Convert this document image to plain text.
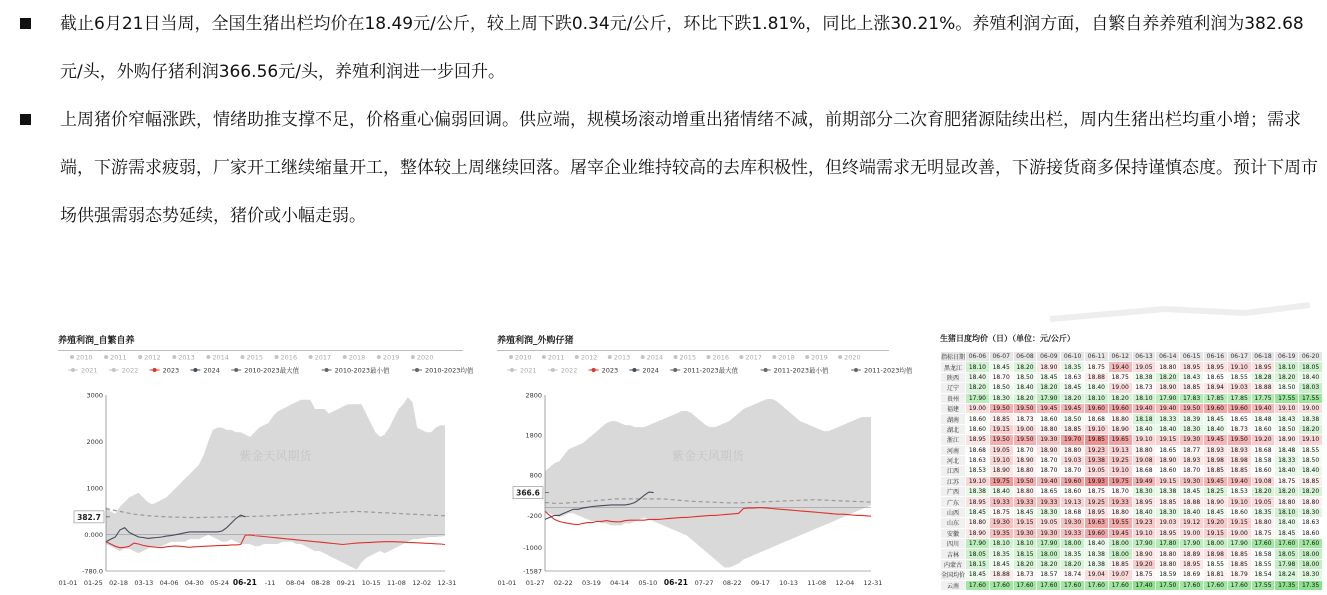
截止6月21日当周，全国生猪出栏均价在18.49元/公斤，较上周下跌0.34元/公斤，环比下跌1.81%，同比上涨30.21%。养殖利润方面，自繁自养养殖利润为382.68元/头，外购仔猪利润366.56元/头，养殖利润进一步回升。

上周猪价窄幅涨跌，情绪助推支撑不足，价格重心偏弱回调。供应端，规模场滚动增重出猪情绪不减，前期部分二次育肥猪源陆续出栏，周内生猪出栏均重小增；需求端，下游需求疲弱，厂家开工继续缩量开工，整体较上周继续回落。屠宰企业维持较高的去库积极性，但终端需求无明显改善，下游接货商多保持谨慎态度。预计下周市场供强需弱态势延续，猪价或小幅走弱。

养殖利润_自繁自养
2010	2011	2012	2013	2014	2015	2016	2017	2018	2019	2020
2021	2022	2023	2024	2010-2023最大值	2010-2023最小值	2010-2023均值
紫金天风期货
3000
2000
1000
0.000
-780.0
382.7
01-01 01-25 02-18 03-13 04-06 04-30 05-24 06-21 -11 08-04 08-28 09-21 10-15 11-08 12-02 12-31
养殖利润_外购仔猪
2010	2011	2012	2013	2014	2015	2016	2017	2018	2019	2020
2021	2022	2023	2024	2011-2023最大值	2011-2023最小值	2011-2023均值
紫金天风期货
2800
1800
800
-200
-1000
-1587
366.6
01-01 01-27 02-22 03-19 04-14 05-10 06-21 07-27 08-22 09-17 10-13 11-08 12-04 12-31
生猪日度均价（日）（单位：元/公斤）
指标日期	06-06	06-07	06-08	06-09	06-10	06-11	06-12	06-13	06-14	06-15	06-16	06-17	06-18	06-19	06-20
黑龙江	18.10	18.45	18.20	18.90	18.35	18.75	19.40	19.05	18.80	18.95	18.95	19.10	18.95	18.10	18.05
陕西	18.40	18.70	18.50	18.45	18.63	18.88	18.75	18.38	18.20	18.43	18.65	18.55	18.28	18.20	18.40
辽宁	18.20	18.50	18.40	18.20	18.45	18.40	19.00	18.73	18.90	18.85	18.94	19.03	18.88	18.50	18.03
贵州	17.90	18.30	18.20	17.90	18.20	18.10	18.20	18.10	17.90	17.83	17.85	17.85	17.75	17.55	17.55
福建	19.00	19.50	19.50	19.45	19.45	19.60	19.60	19.40	19.40	19.50	19.60	19.60	19.40	19.10	19.00
湖南	18.60	18.85	18.73	18.60	18.50	18.68	18.80	18.18	18.33	18.39	18.45	18.65	18.48	18.43	18.38
湖北	18.60	19.15	19.00	18.80	18.85	19.10	18.90	18.40	18.40	18.30	18.40	18.73	18.60	18.50	18.20
浙江	18.95	19.50	19.50	19.30	19.70	19.85	19.65	19.10	19.15	19.30	19.45	19.50	19.20	18.90	19.10
河南	18.68	19.05	18.70	18.90	18.80	19.23	19.13	18.80	18.65	18.77	18.93	18.93	18.68	18.48	18.55
河北	18.63	19.10	18.90	18.70	19.03	19.38	19.25	19.08	18.90	18.93	18.98	18.98	18.58	18.33	18.50
江西	18.53	18.90	18.80	18.70	18.70	19.05	19.10	18.68	18.60	18.70	18.85	18.85	18.60	18.40	18.40
江苏	19.10	19.75	19.50	19.40	19.60	19.93	19.75	19.49	19.15	19.30	19.45	19.40	19.08	18.75	18.85
广西	18.38	18.40	18.80	18.65	18.60	18.75	18.70	18.30	18.38	18.45	18.25	18.53	18.20	18.20	18.20
广东	18.95	19.33	19.33	19.33	19.13	19.25	19.33	18.95	18.85	18.88	18.90	19.10	19.05	18.80	18.80
山西	18.45	18.75	18.45	18.30	18.68	18.95	18.80	18.40	18.30	18.40	18.45	18.60	18.35	18.10	18.30
山东	18.80	19.30	19.15	19.05	19.30	19.63	19.55	19.23	19.03	19.12	19.20	19.15	18.80	18.40	18.63
安徽	18.90	19.35	19.30	19.30	19.33	19.60	19.45	19.10	18.95	19.00	19.15	19.00	18.75	18.45	18.60
四川	17.90	18.10	18.10	17.90	18.00	18.40	18.00	17.90	17.80	17.90	18.00	17.90	17.60	17.60	17.60
吉林	18.05	18.35	18.15	18.00	18.35	18.38	18.00	18.90	18.80	18.89	18.98	18.85	18.58	18.05	18.00
内蒙古	18.15	18.45	18.20	18.20	18.20	18.38	18.85	19.20	18.80	18.95	18.55	18.85	18.55	17.98	18.00
全国均价	18.45	18.88	18.73	18.57	18.74	19.04	19.07	18.75	18.59	18.69	18.81	18.79	18.54	18.24	18.30
云南	17.60	17.60	17.60	17.60	17.60	17.60	17.60	17.40	17.50	17.60	17.60	17.60	17.55	17.35	17.35
